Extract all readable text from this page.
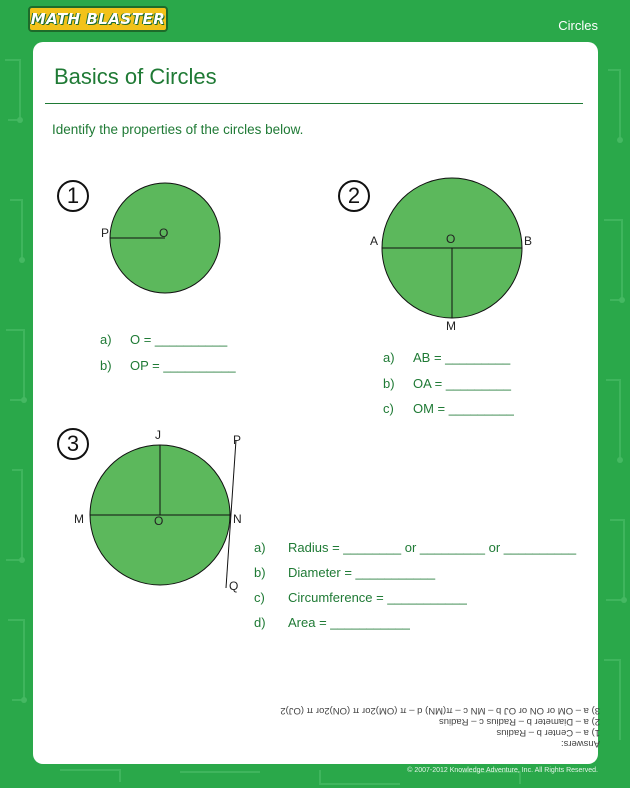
MATH BLASTER	Circles
Basics of Circles
Identify the properties of the circles below.
1
P	O
a) O = __________
b) OP = __________
2
A	O	B
M
a) AB = _________
b) OA = _________
c) OM = _________
3	J	P
M	O	N
Q
a) Radius = ________ or _________ or __________
b) Diameter = ___________
c) Circumference = ___________
d) Area = ___________
Answers:
1) a – Center b – Radius
2) a – Diameter b – Radius c – Radius
3) a – OM or ON or OJ b – MN c – π(MN) d – π (OM)2or π (ON)2or π (OJ)2
© 2007-2012 Knowledge Adventure, Inc. All Rights Reserved.
